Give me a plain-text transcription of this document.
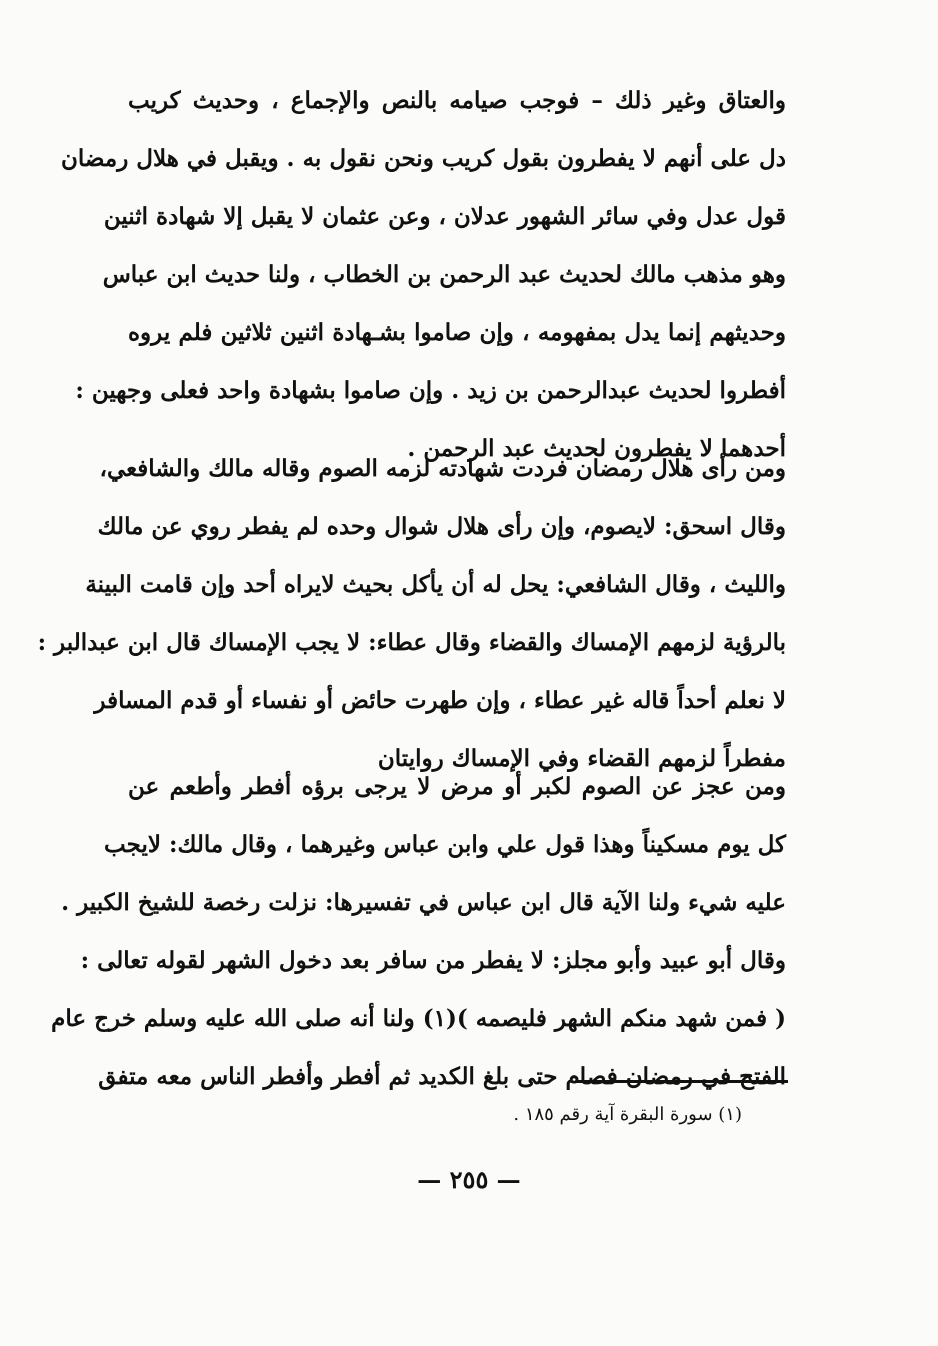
والعتاق وغير ذلك – فوجب صيامه بالنص والإجماع ، وحديث كريب
دل على أنهم لا يفطرون بقول كريب ونحن نقول به . ويقبل في هلال رمضان
قول عدل وفي سائر الشهور عدلان ، وعن عثمان لا يقبل إلا شهادة اثنين
وهو مذهب مالك لحديث عبد الرحمن بن الخطاب ، ولنا حديث ابن عباس
وحديثهم إنما يدل بمفهومه ، وإن صاموا بشـهادة اثنين ثلاثين فلم يروه
أفطروا لحديث عبدالرحمن بن زيد . وإن صاموا بشهادة واحد فعلى وجهين :
أحدهما لا يفطرون لحديث عبد الرحمن .
ومن رأى هلال رمضان فردت شهادته لزمه الصوم وقاله مالك والشافعي،
وقال اسحق: لايصوم، وإن رأى هلال شوال وحده لم يفطر روي عن مالك
والليث ، وقال الشافعي: يحل له أن يأكل بحيث لايراه أحد وإن قامت البينة
بالرؤية لزمهم الإمساك والقضاء وقال عطاء: لا يجب الإمساك قال ابن عبدالبر :
لا نعلم أحداً قاله غير عطاء ، وإن طهرت حائض أو نفساء أو قدم المسافر
مفطراً لزمهم القضاء وفي الإمساك روايتان
ومن عجز عن الصوم لكبر أو مرض لا يرجى برؤه أفطر وأطعم عن
كل يوم مسكيناً وهذا قول علي وابن عباس وغيرهما ، وقال مالك: لايجب
عليه شيء ولنا الآية قال ابن عباس في تفسيرها: نزلت رخصة للشيخ الكبير .
وقال أبو عبيد وأبو مجلز: لا يفطر من سافر بعد دخول الشهر لقوله تعالى :
( فمن شهد منكم الشهر فليصمه )(١) ولنا أنه صلى الله عليه وسلم خرج عام
الفتح في رمضان فصام حتى بلغ الكديد ثم أفطر وأفطر الناس معه متفق
(١) سورة البقرة آية رقم ١٨٥ .
— ٢٥٥ —
